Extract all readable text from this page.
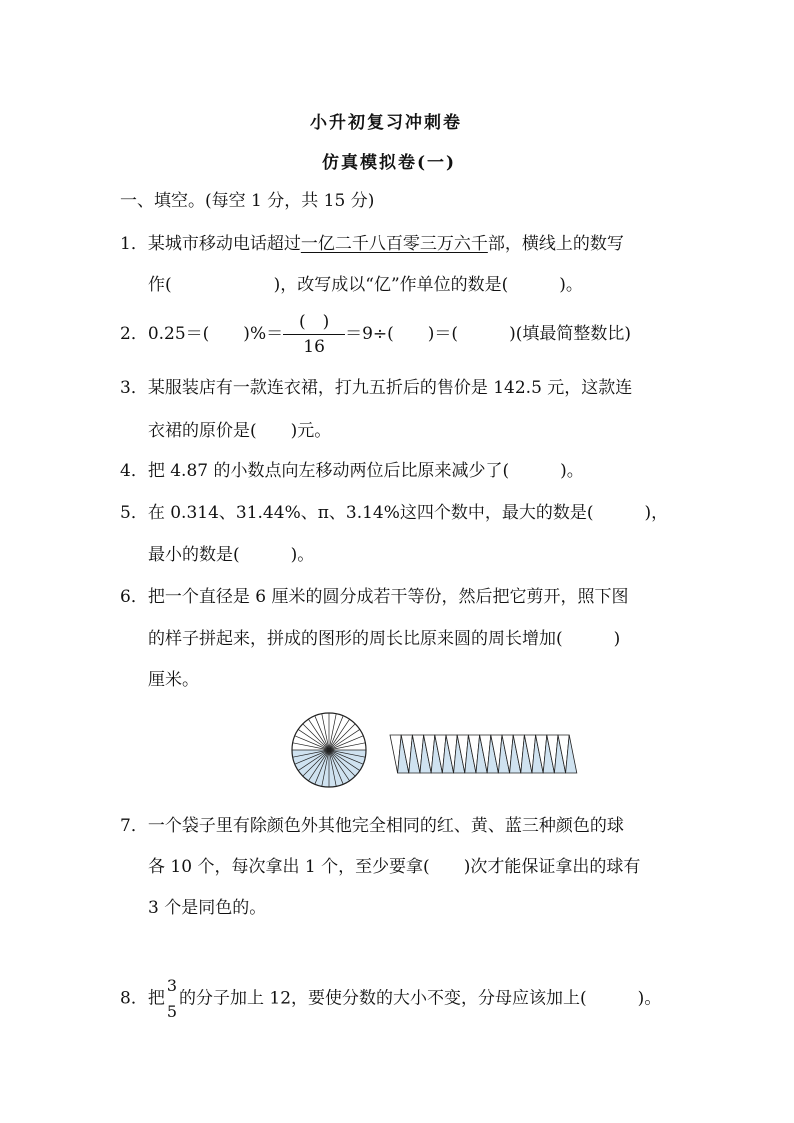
小升初复习冲刺卷
仿真模拟卷(一)
一、填空。(每空 1 分，共 15 分)
1．某城市移动电话超过一亿二千八百零三万六千部，横线上的数写
作(　　　　　　)，改写成以“亿”作单位的数是(　　　)。
2．0.25＝(　　)%＝ $\frac{( )}{16} =9\div$(　　)＝(　　　)(填最简整数比)
3．某服装店有一款连衣裙，打九五折后的售价是 142.5 元，这款连
衣裙的原价是(　　)元。
4．把 4.87 的小数点向左移动两位后比原来减少了(　　　)。
5．在 0.314、31.44%、π、3.14%这四个数中，最大的数是(　　　)，
最小的数是(　　　)。
6．把一个直径是 6 厘米的圆分成若干等份，然后把它剪开，照下图
的样子拼起来，拼成的图形的周长比原来圆的周长增加(　　　)
厘米。
7．一个袋子里有除颜色外其他完全相同的红、黄、蓝三种颜色的球
各 10 个，每次拿出 1 个，至少要拿(　　)次才能保证拿出的球有
3 个是同色的。
8．把
3
5
的分子加上 12，要使分数的大小不变，分母应该加上(　　　)。
